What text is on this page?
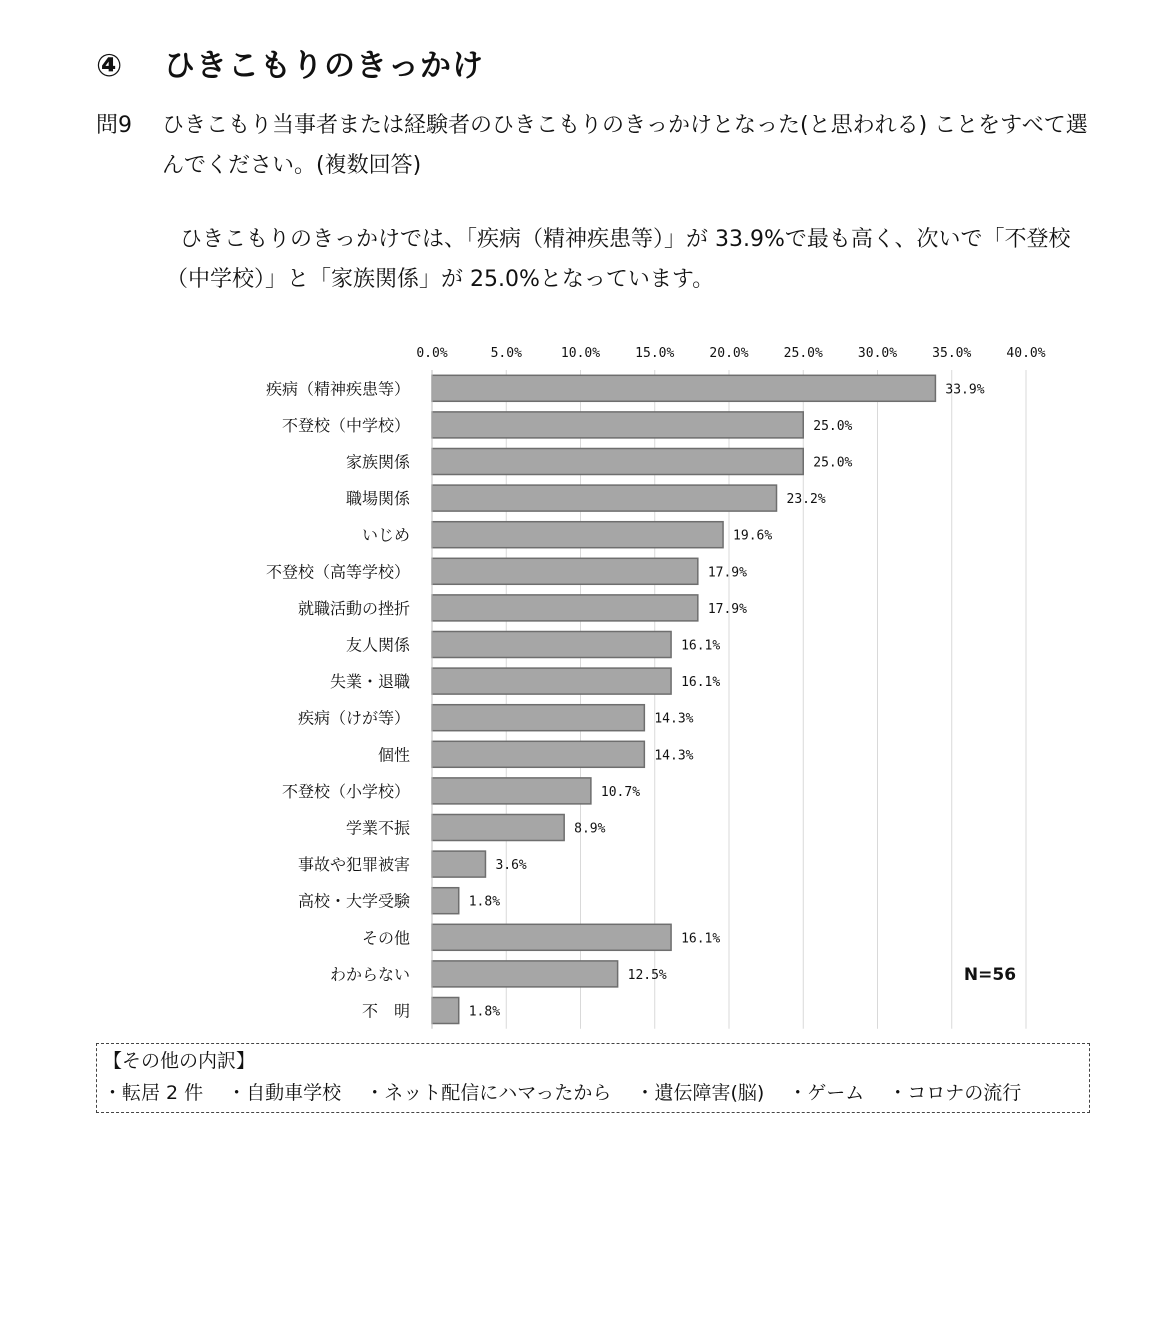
④ ひきこもりのきっかけ
問9 ひきこもり当事者または経験者のひきこもりのきっかけとなった(と思われる) ことをすべて選んでください。(複数回答)
ひきこもりのきっかけでは、「疾病（精神疾患等）」が 33.9%で最も高く、次いで「不登校（中学校）」と「家族関係」が 25.0%となっています。
0.0%	5.0%	10.0%	15.0%	20.0%	25.0%	30.0%	35.0%	40.0%
疾病（精神疾患等）	33.9%
不登校（中学校）	25.0%
家族関係	25.0%
職場関係	23.2%
いじめ	19.6%
不登校（高等学校）	17.9%
就職活動の挫折	17.9%
友人関係	16.1%
失業・退職	16.1%
疾病（けが等）	14.3%
個性	14.3%
不登校（小学校）	10.7%
学業不振	8.9%
事故や犯罪被害	3.6%
高校・大学受験	1.8%
その他	16.1%
わからない	12.5%
不　明	1.8%
N=56
【その他の内訳】
・転居 2 件 ・自動車学校 ・ネット配信にハマったから ・遺伝障害(脳) ・ゲーム ・コロナの流行
